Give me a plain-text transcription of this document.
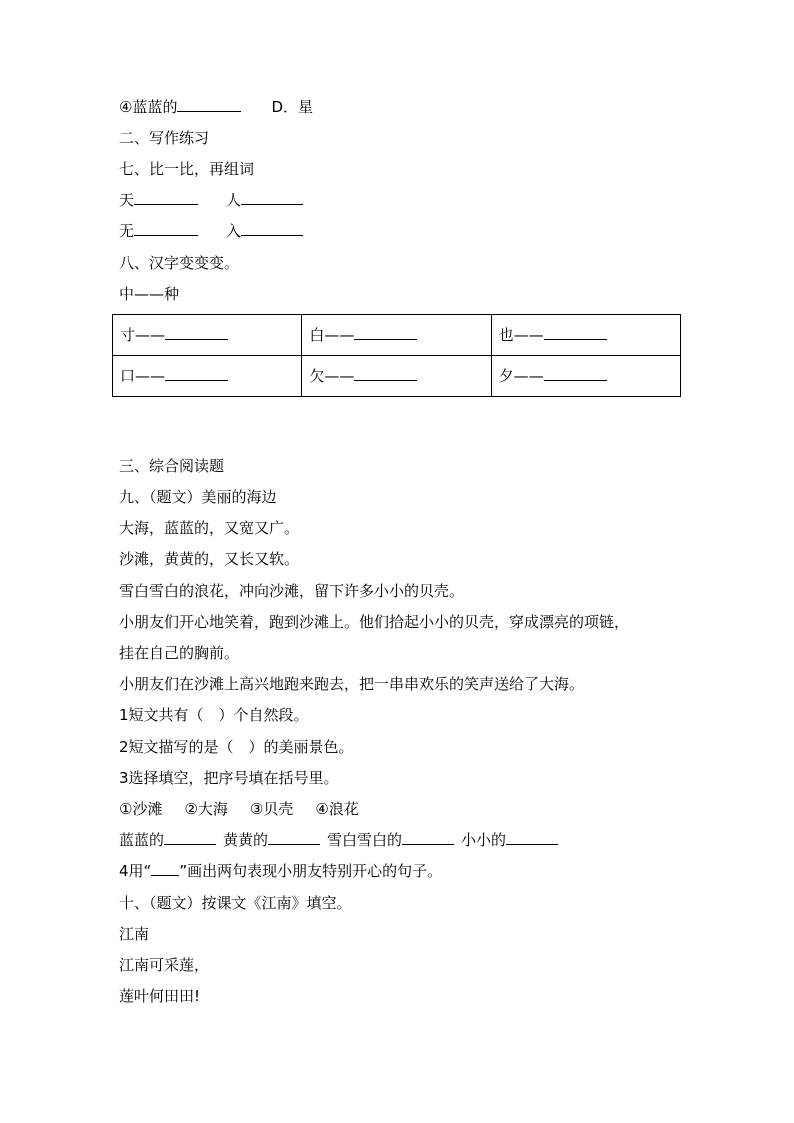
④蓝蓝的	D．星
二、写作练习
七、比一比，再组词
天	人
无	入
八、汉字变变变。
中——种
寸——	白——	也——
口——	欠——	夕——
三、综合阅读题
九、（题文）美丽的海边
大海，蓝蓝的，又宽又广。
沙滩，黄黄的，又长又软。
雪白雪白的浪花，冲向沙滩，留下许多小小的贝壳。
小朋友们开心地笑着，跑到沙滩上。他们拾起小小的贝壳，穿成漂亮的项链，
挂在自己的胸前。
小朋友们在沙滩上高兴地跑来跑去，把一串串欢乐的笑声送给了大海。
1短文共有（　）个自然段。
2短文描写的是（　）的美丽景色。
3选择填空，把序号填在括号里。
①沙滩 ②大海 ③贝壳 ④浪花
蓝蓝的	黄黄的	雪白雪白的	小小的
4用“ ”画出两句表现小朋友特别开心的句子。
十、（题文）按课文《江南》填空。
江南
江南可采莲，
莲叶何田田!
